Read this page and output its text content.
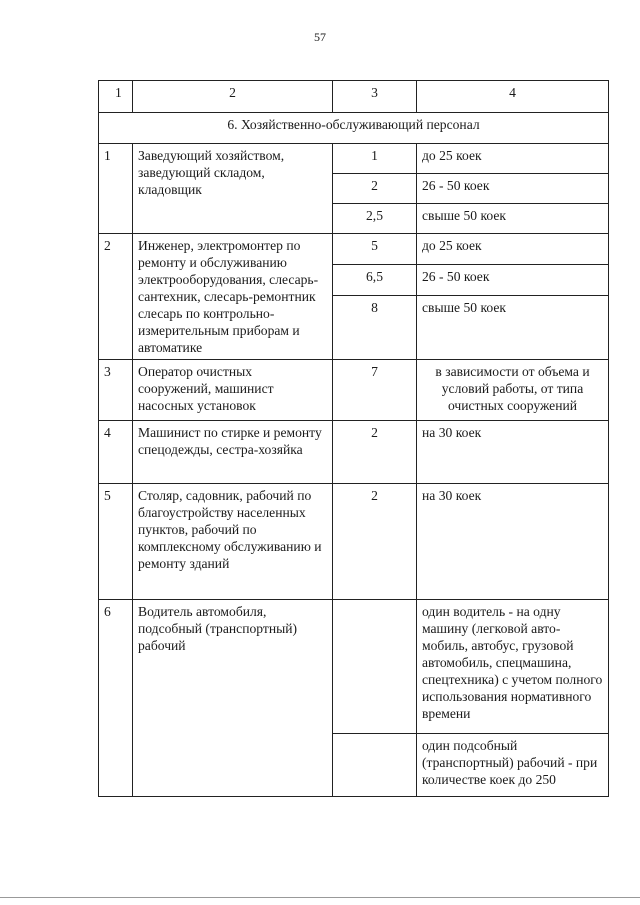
57
1	2	3	4
6. Хозяйственно-обслуживающий персонал			
1	Заведующий хозяйством, заведующий складом, кладовщик	1	до 25 коек
		2	26 - 50 коек
		2,5	свыше 50 коек
2	Инженер, электромонтер по ремонту и обслуживанию электрооборудования, слесарь-сантехник, слесарь-ремонтник слесарь по контрольно-измерительным приборам и автоматике	5	до 25 коек
		6,5	26 - 50 коек
		8	свыше 50 коек
3	Оператор очистных сооружений, машинист насосных установок	7	в зависимости от объема и условий работы, от типа очистных сооружений
4	Машинист по стирке и ремонту спецодежды, сестра-хозяйка	2	на 30 коек
5	Столяр, садовник, рабочий по благоустройству населенных пунктов, рабочий по комплексному обслуживанию и ремонту зданий	2	на 30 коек
6	Водитель автомобиля, подсобный (транспортный) рабочий		один водитель - на одну машину (легковой авто-мобиль, автобус, грузовой автомобиль, спецмашина, спецтехника) с учетом полного использования нормативного времени
			один подсобный (транспортный) рабочий - при количестве коек до 250
